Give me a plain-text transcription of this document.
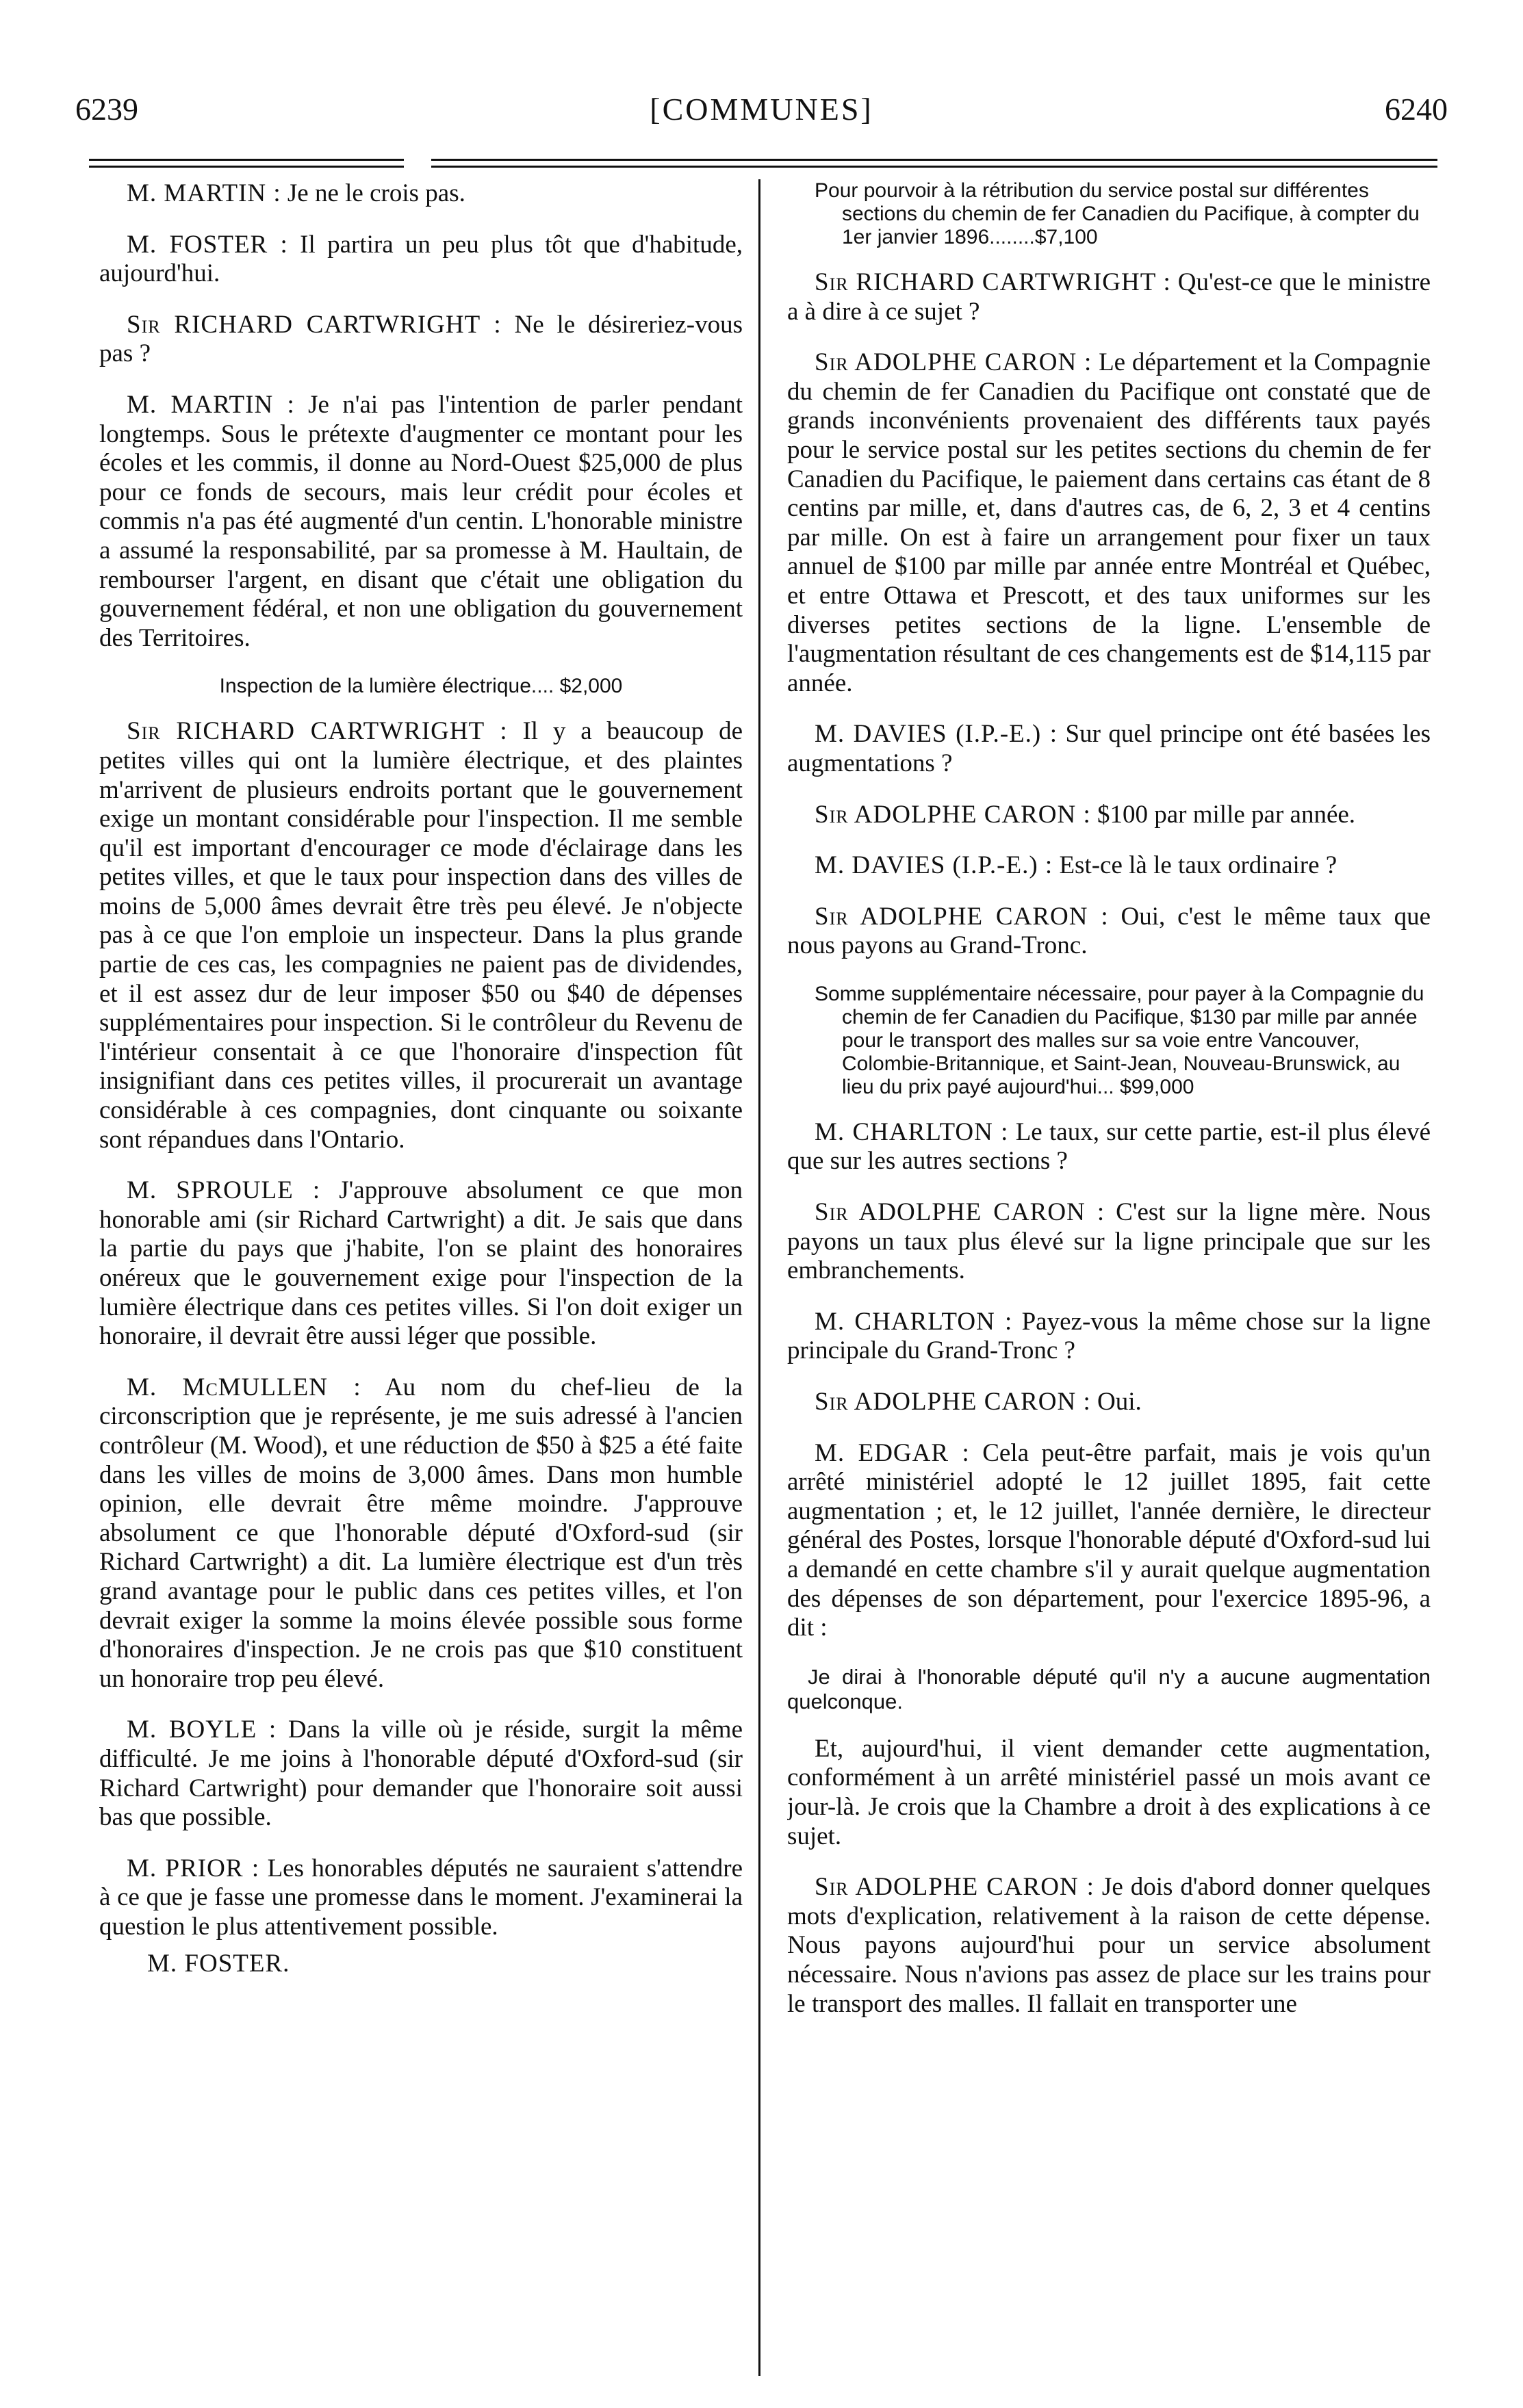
6239	[COMMUNES]	6240

M. MARTIN : Je ne le crois pas.

M. FOSTER : Il partira un peu plus tôt que d'habitude, aujourd'hui.

Sir RICHARD CARTWRIGHT : Ne le désireriez-vous pas ?

M. MARTIN : Je n'ai pas l'intention de parler pendant longtemps. Sous le prétexte d'augmenter ce montant pour les écoles et les commis, il donne au Nord-Ouest $25,000 de plus pour ce fonds de secours, mais leur crédit pour écoles et commis n'a pas été augmenté d'un centin. L'honorable ministre a assumé la responsabilité, par sa promesse à M. Haultain, de rembourser l'argent, en disant que c'était une obligation du gouvernement fédéral, et non une obligation du gouvernement des Territoires.

Inspection de la lumière électrique.... $2,000

Sir RICHARD CARTWRIGHT : Il y a beaucoup de petites villes qui ont la lumière électrique, et des plaintes m'arrivent de plusieurs endroits portant que le gouvernement exige un montant considérable pour l'inspection. Il me semble qu'il est important d'encourager ce mode d'éclairage dans les petites villes, et que le taux pour inspection dans des villes de moins de 5,000 âmes devrait être très peu élevé. Je n'objecte pas à ce que l'on emploie un inspecteur. Dans la plus grande partie de ces cas, les compagnies ne paient pas de dividendes, et il est assez dur de leur imposer $50 ou $40 de dépenses supplémentaires pour inspection. Si le contrôleur du Revenu de l'intérieur consentait à ce que l'honoraire d'inspection fût insignifiant dans ces petites villes, il procurerait un avantage considérable à ces compagnies, dont cinquante ou soixante sont répandues dans l'Ontario.

M. SPROULE : J'approuve absolument ce que mon honorable ami (sir Richard Cartwright) a dit. Je sais que dans la partie du pays que j'habite, l'on se plaint des honoraires onéreux que le gouvernement exige pour l'inspection de la lumière électrique dans ces petites villes. Si l'on doit exiger un honoraire, il devrait être aussi léger que possible.

M. McMULLEN : Au nom du chef-lieu de la circonscription que je représente, je me suis adressé à l'ancien contrôleur (M. Wood), et une réduction de $50 à $25 a été faite dans les villes de moins de 3,000 âmes. Dans mon humble opinion, elle devrait être même moindre. J'approuve absolument ce que l'honorable député d'Oxford-sud (sir Richard Cartwright) a dit. La lumière électrique est d'un très grand avantage pour le public dans ces petites villes, et l'on devrait exiger la somme la moins élevée possible sous forme d'honoraires d'inspection. Je ne crois pas que $10 constituent un honoraire trop peu élevé.

M. BOYLE : Dans la ville où je réside, surgit la même difficulté. Je me joins à l'honorable député d'Oxford-sud (sir Richard Cartwright) pour demander que l'honoraire soit aussi bas que possible.

M. PRIOR : Les honorables députés ne sauraient s'attendre à ce que je fasse une promesse dans le moment. J'examinerai la question le plus attentivement possible.

M. FOSTER.
Pour pourvoir à la rétribution du service postal sur différentes sections du chemin de fer Canadien du Pacifique, à compter du 1er janvier 1896........$7,100

Sir RICHARD CARTWRIGHT : Qu'est-ce que le ministre a à dire à ce sujet ?

Sir ADOLPHE CARON : Le département et la Compagnie du chemin de fer Canadien du Pacifique ont constaté que de grands inconvénients provenaient des différents taux payés pour le service postal sur les petites sections du chemin de fer Canadien du Pacifique, le paiement dans certains cas étant de 8 centins par mille, et, dans d'autres cas, de 6, 2, 3 et 4 centins par mille. On est à faire un arrangement pour fixer un taux annuel de $100 par mille par année entre Montréal et Québec, et entre Ottawa et Prescott, et des taux uniformes sur les diverses petites sections de la ligne. L'ensemble de l'augmentation résultant de ces changements est de $14,115 par année.

M. DAVIES (I.P.-E.) : Sur quel principe ont été basées les augmentations ?

Sir ADOLPHE CARON : $100 par mille par année.

M. DAVIES (I.P.-E.) : Est-ce là le taux ordinaire ?

Sir ADOLPHE CARON : Oui, c'est le même taux que nous payons au Grand-Tronc.

Somme supplémentaire nécessaire, pour payer à la Compagnie du chemin de fer Canadien du Pacifique, $130 par mille par année pour le transport des malles sur sa voie entre Vancouver, Colombie-Britannique, et Saint-Jean, Nouveau-Brunswick, au lieu du prix payé aujourd'hui... $99,000

M. CHARLTON : Le taux, sur cette partie, est-il plus élevé que sur les autres sections ?

Sir ADOLPHE CARON : C'est sur la ligne mère. Nous payons un taux plus élevé sur la ligne principale que sur les embranchements.

M. CHARLTON : Payez-vous la même chose sur la ligne principale du Grand-Tronc ?

Sir ADOLPHE CARON : Oui.

M. EDGAR : Cela peut-être parfait, mais je vois qu'un arrêté ministériel adopté le 12 juillet 1895, fait cette augmentation ; et, le 12 juillet, l'année dernière, le directeur général des Postes, lorsque l'honorable député d'Oxford-sud lui a demandé en cette chambre s'il y aurait quelque augmentation des dépenses de son département, pour l'exercice 1895-96, a dit :

Je dirai à l'honorable député qu'il n'y a aucune augmentation quelconque.

Et, aujourd'hui, il vient demander cette augmentation, conformément à un arrêté ministériel passé un mois avant ce jour-là. Je crois que la Chambre a droit à des explications à ce sujet.

Sir ADOLPHE CARON : Je dois d'abord donner quelques mots d'explication, relativement à la raison de cette dépense. Nous payons aujourd'hui pour un service absolument nécessaire. Nous n'avions pas assez de place sur les trains pour le transport des malles. Il fallait en transporter une
